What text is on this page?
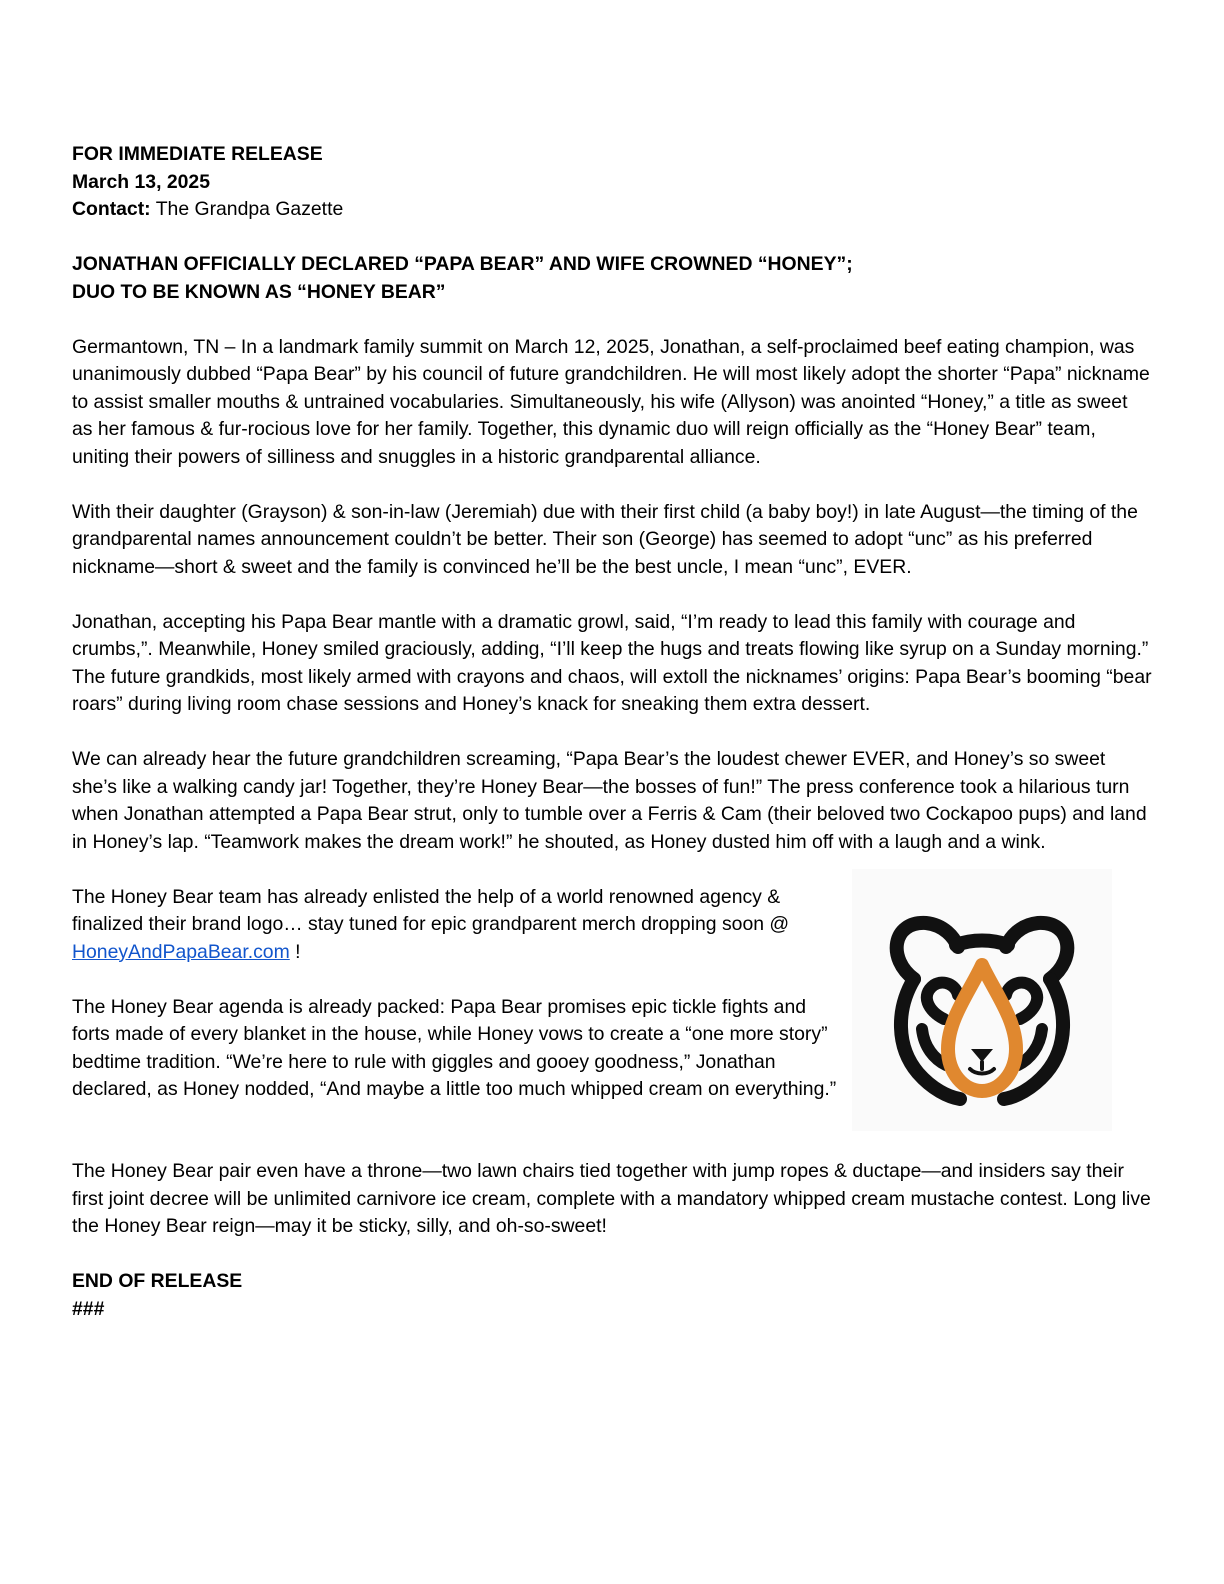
FOR IMMEDIATE RELEASE

March 13, 2025

Contact: The Grandpa Gazette

JONATHAN OFFICIALLY DECLARED “PAPA BEAR” AND WIFE CROWNED “HONEY”;

DUO TO BE KNOWN AS “HONEY BEAR”

Germantown, TN – In a landmark family summit on March 12, 2025, Jonathan, a self-proclaimed beef eating champion, was unanimously dubbed “Papa Bear” by his council of future grandchildren. He will most likely adopt the shorter “Papa” nickname to assist smaller mouths & untrained vocabularies. Simultaneously, his wife (Allyson) was anointed “Honey,” a title as sweet as her famous & fur-rocious love for her family. Together, this dynamic duo will reign officially as the “Honey Bear” team, uniting their powers of silliness and snuggles in a historic grandparental alliance.

With their daughter (Grayson) & son-in-law (Jeremiah) due with their first child (a baby boy!) in late August—the timing of the grandparental names announcement couldn’t be better. Their son (George) has seemed to adopt “unc” as his preferred nickname—short & sweet and the family is convinced he’ll be the best uncle, I mean “unc”, EVER.

Jonathan, accepting his Papa Bear mantle with a dramatic growl, said, “I’m ready to lead this family with courage and crumbs,”. Meanwhile, Honey smiled graciously, adding, “I’ll keep the hugs and treats flowing like syrup on a Sunday morning.” The future grandkids, most likely armed with crayons and chaos, will extoll the nicknames’ origins: Papa Bear’s booming “bear roars” during living room chase sessions and Honey’s knack for sneaking them extra dessert.

We can already hear the future grandchildren screaming, “Papa Bear’s the loudest chewer EVER, and Honey’s so sweet she’s like a walking candy jar! Together, they’re Honey Bear—the bosses of fun!” The press conference took a hilarious turn when Jonathan attempted a Papa Bear strut, only to tumble over a Ferris & Cam (their beloved two Cockapoo pups) and land in Honey’s lap. “Teamwork makes the dream work!” he shouted, as Honey dusted him off with a laugh and a wink.

The Honey Bear team has already enlisted the help of a world renowned agency & finalized their brand logo… stay tuned for epic grandparent merch dropping soon @ HoneyAndPapaBear.com !

The Honey Bear agenda is already packed: Papa Bear promises epic tickle fights and forts made of every blanket in the house, while Honey vows to create a “one more story” bedtime tradition. “We’re here to rule with giggles and gooey goodness,” Jonathan declared, as Honey nodded, “And maybe a little too much whipped cream on everything.”

The Honey Bear pair even have a throne—two lawn chairs tied together with jump ropes & ductape—and insiders say their first joint decree will be unlimited carnivore ice cream, complete with a mandatory whipped cream mustache contest. Long live the Honey Bear reign—may it be sticky, silly, and oh-so-sweet!

END OF RELEASE

###
